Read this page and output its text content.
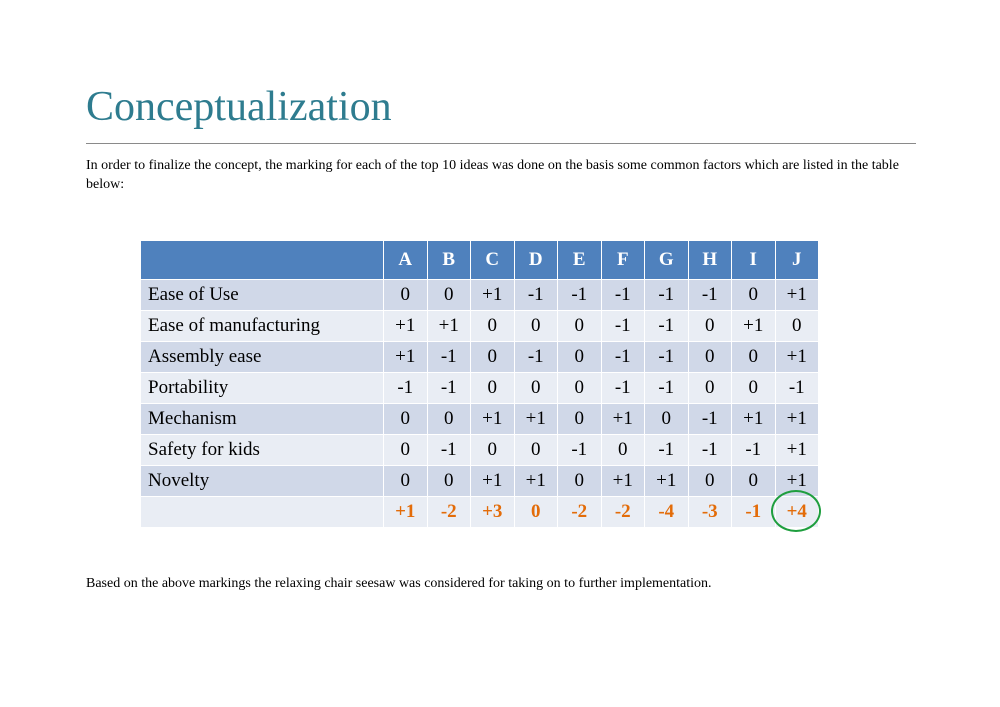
Conceptualization

In order to finalize the concept, the marking for each of the top 10 ideas was done on the basis some common factors which are listed in the table below:

	A	B	C	D	E	F	G	H	I	J
Ease of Use	0	0	+1	-1	-1	-1	-1	-1	0	+1
Ease of manufacturing	+1	+1	0	0	0	-1	-1	0	+1	0
Assembly ease	+1	-1	0	-1	0	-1	-1	0	0	+1
Portability	-1	-1	0	0	0	-1	-1	0	0	-1
Mechanism	0	0	+1	+1	0	+1	0	-1	+1	+1
Safety for kids	0	-1	0	0	-1	0	-1	-1	-1	+1
Novelty	0	0	+1	+1	0	+1	+1	0	0	+1
	+1	-2	+3	0	-2	-2	-4	-3	-1	+4

Based on the above markings the relaxing chair seesaw was considered for taking on to further implementation.
